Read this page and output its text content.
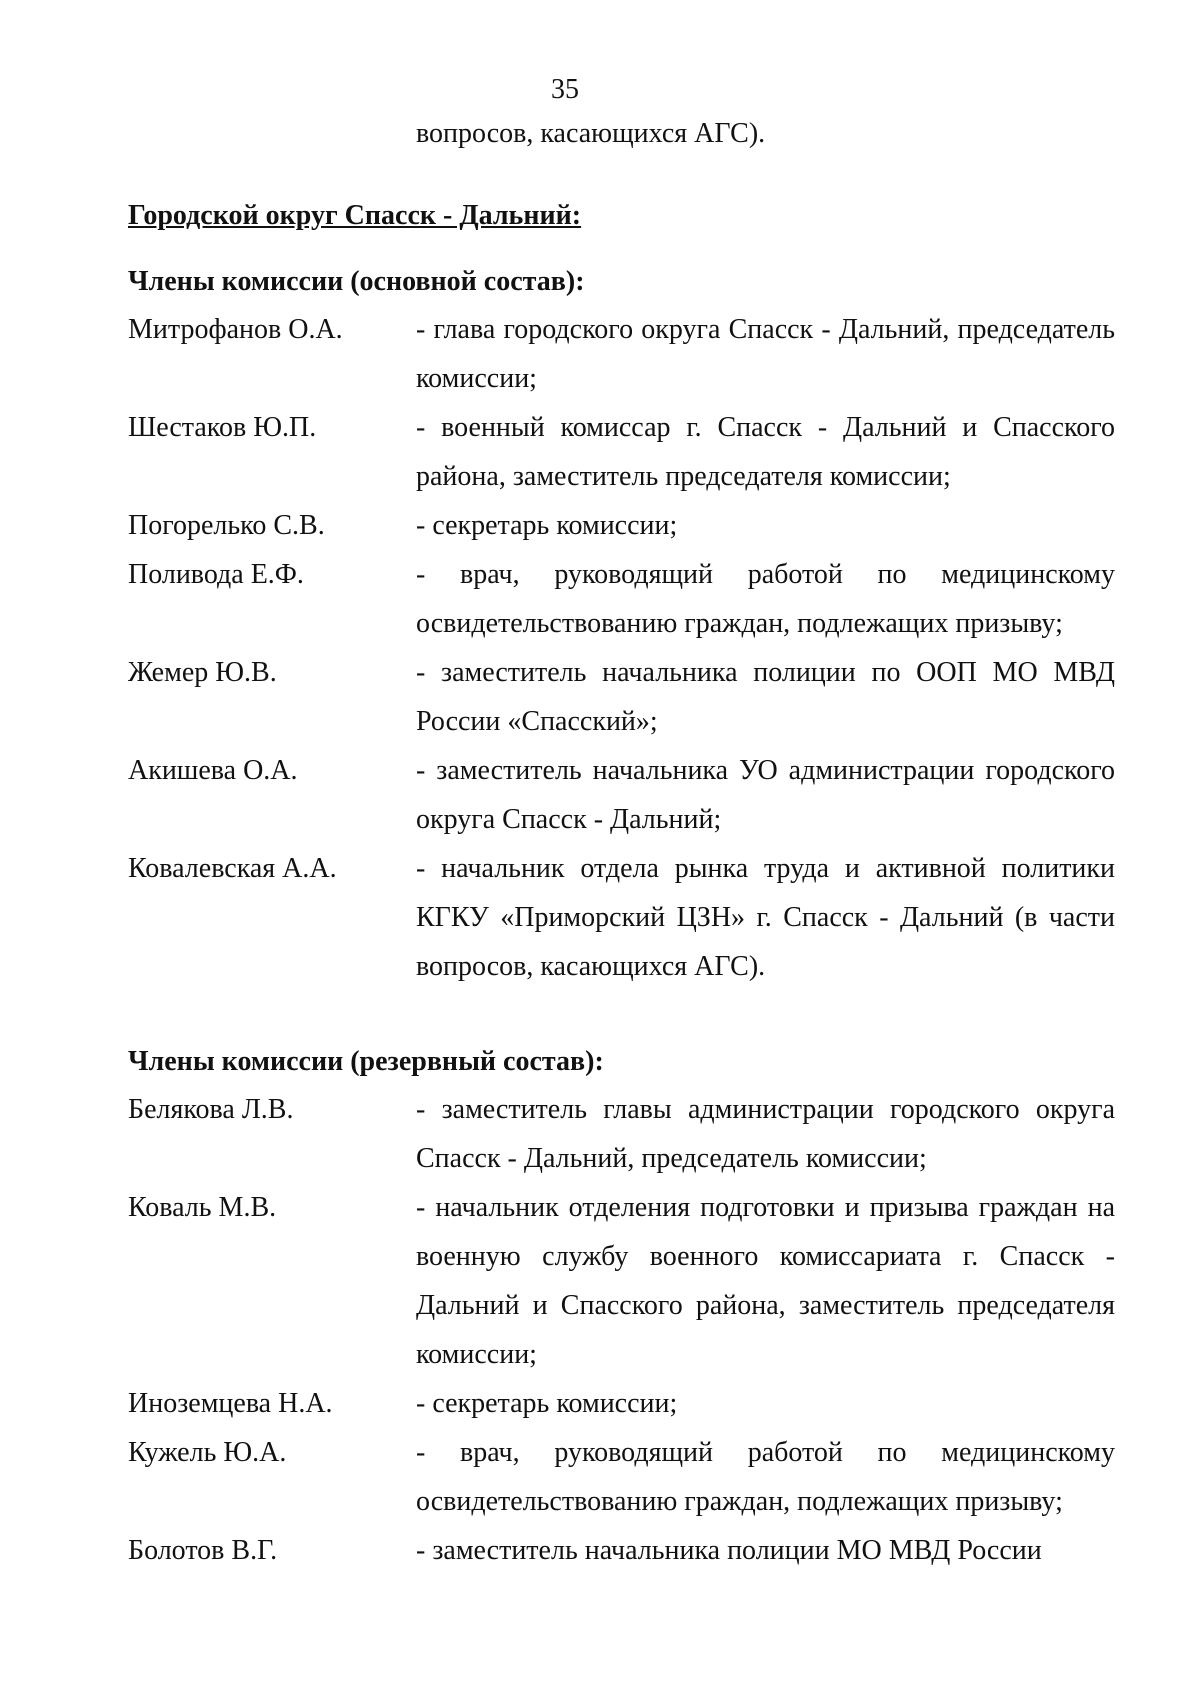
35
вопросов, касающихся АГС).
Городской округ Спасск - Дальний:
Члены комиссии (основной состав):
Митрофанов О.А.	- глава городского округа Спасск - Дальний, председатель комиссии;
Шестаков Ю.П.	- военный комиссар г. Спасск - Дальний и Спасского района, заместитель председателя комиссии;
Погорелько С.В.	- секретарь комиссии;
Поливода Е.Ф.	- врач, руководящий работой по медицинскому освидетельствованию граждан, подлежащих призыву;
Жемер Ю.В.	- заместитель начальника полиции по ООП МО МВД России «Спасский»;
Акишева О.А.	- заместитель начальника УО администрации городского округа Спасск - Дальний;
Ковалевская А.А.	- начальник отдела рынка труда и активной политики КГКУ «Приморский ЦЗН» г. Спасск - Дальний (в части вопросов, касающихся АГС).
Члены комиссии (резервный состав):
Белякова Л.В.	- заместитель главы администрации городского округа Спасск - Дальний, председатель комиссии;
Коваль М.В.	- начальник отделения подготовки и призыва граждан на военную службу военного комиссариата г. Спасск - Дальний и Спасского района, заместитель председателя комиссии;
Иноземцева Н.А.	- секретарь комиссии;
Кужель Ю.А.	- врач, руководящий работой по медицинскому освидетельствованию граждан, подлежащих призыву;
Болотов В.Г.	- заместитель начальника полиции МО МВД России
